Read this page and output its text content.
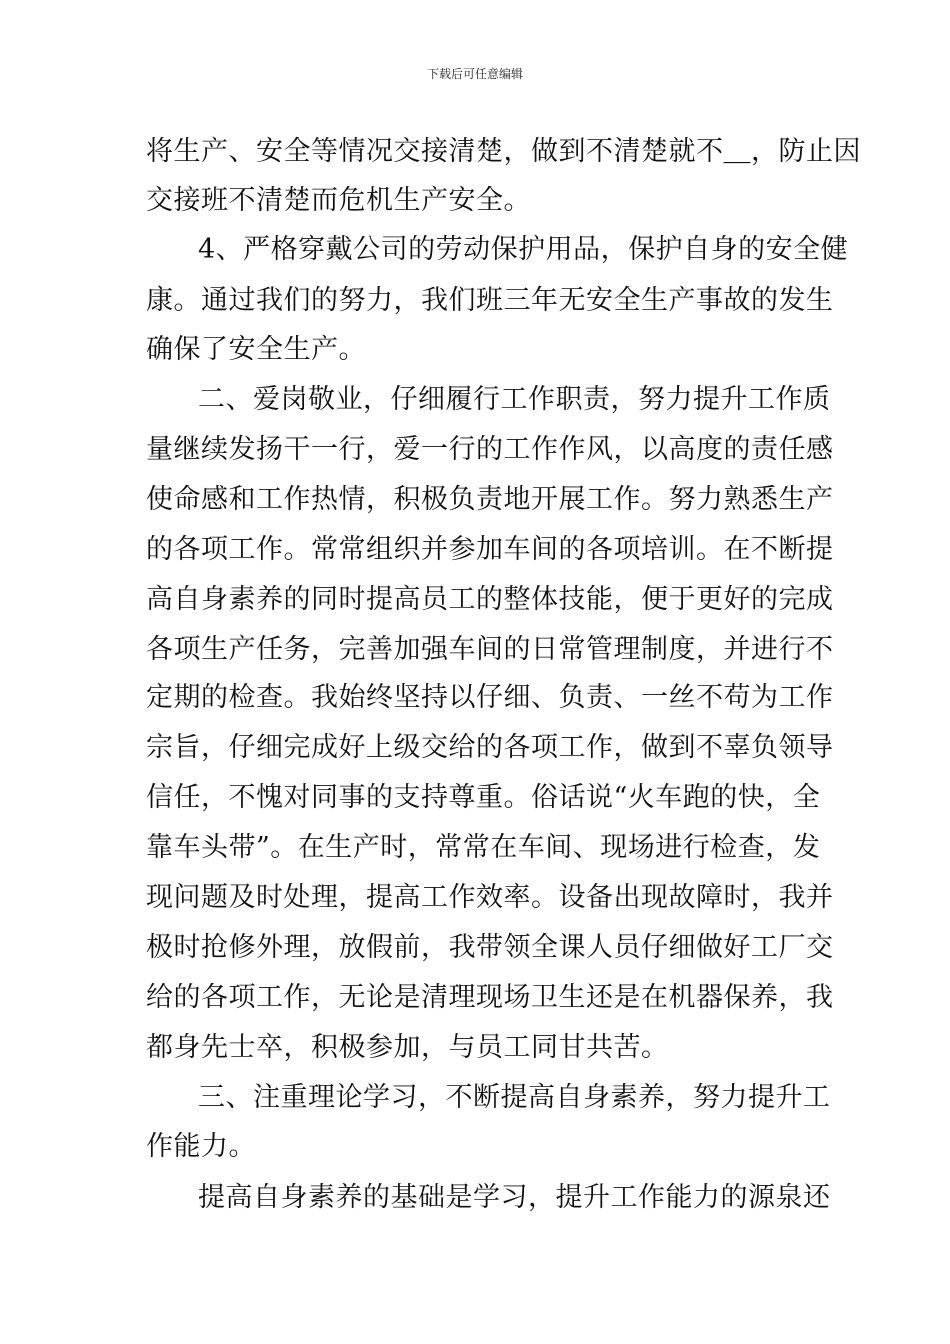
下载后可任意编辑
将生产、安全等情况交接清楚，做到不清楚就不＿，防止因
交接班不清楚而危机生产安全。
4、严格穿戴公司的劳动保护用品，保护自身的安全健
康。通过我们的努力，我们班三年无安全生产事故的发生
确保了安全生产。
二、爱岗敬业，仔细履行工作职责，努力提升工作质
量继续发扬干一行，爱一行的工作作风，以高度的责任感
使命感和工作热情，积极负责地开展工作。努力熟悉生产
的各项工作。常常组织并参加车间的各项培训。在不断提
高自身素养的同时提高员工的整体技能，便于更好的完成
各项生产任务，完善加强车间的日常管理制度，并进行不
定期的检查。我始终坚持以仔细、负责、一丝不苟为工作
宗旨，仔细完成好上级交给的各项工作，做到不辜负领导
信任，不愧对同事的支持尊重。俗话说“火车跑的快，全
靠车头带”。在生产时，常常在车间、现场进行检查，发
现问题及时处理，提高工作效率。设备出现故障时，我并
极时抢修外理，放假前，我带领全课人员仔细做好工厂交
给的各项工作，无论是清理现场卫生还是在机器保养，我
都身先士卒，积极参加，与员工同甘共苦。
三、注重理论学习，不断提高自身素养，努力提升工
作能力。
提高自身素养的基础是学习，提升工作能力的源泉还
